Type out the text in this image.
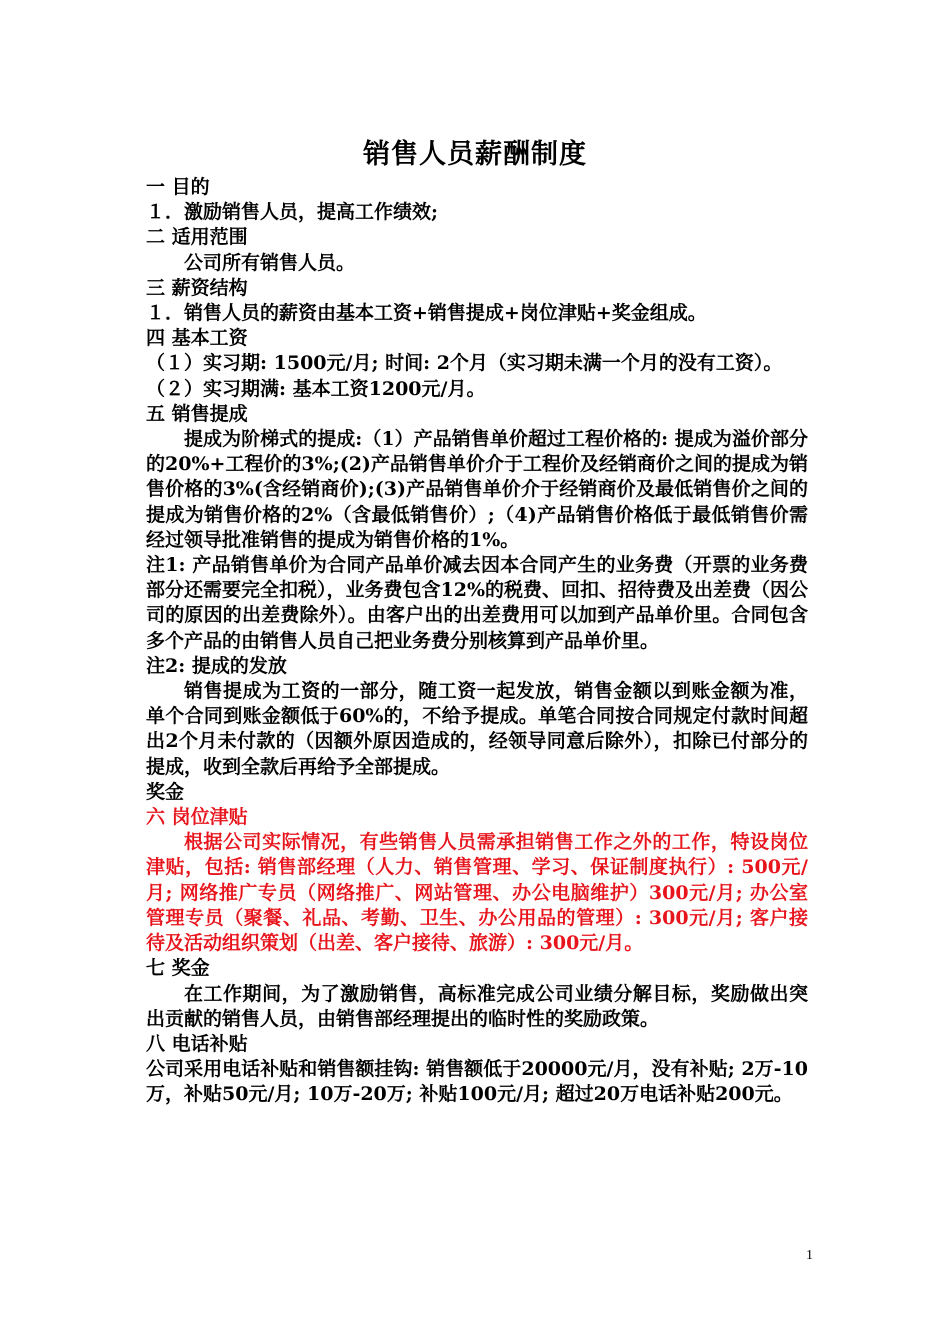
销售人员薪酬制度

一 目的

１．激励销售人员，提高工作绩效;

二 适用范围

公司所有销售人员。

三 薪资结构

１．销售人员的薪资由基本工资+销售提成+岗位津贴+奖金组成。

四 基本工资

（１）实习期: 1500元/月; 时间: 2个月（实习期未满一个月的没有工资）。

（２）实习期满: 基本工资1200元/月。

五 销售提成

提成为阶梯式的提成:（1）产品销售单价超过工程价格的: 提成为溢价部分的20%+工程价的3%;(2)产品销售单价介于工程价及经销商价之间的提成为销售价格的3%(含经销商价);(3)产品销售单价介于经销商价及最低销售价之间的提成为销售价格的2%（含最低销售价）;（4)产品销售价格低于最低销售价需经过领导批准销售的提成为销售价格的1%。

注1: 产品销售单价为合同产品单价减去因本合同产生的业务费（开票的业务费部分还需要完全扣税），业务费包含12%的税费、回扣、招待费及出差费（因公司的原因的出差费除外）。由客户出的出差费用可以加到产品单价里。合同包含多个产品的由销售人员自己把业务费分别核算到产品单价里。

注2: 提成的发放

销售提成为工资的一部分，随工资一起发放，销售金额以到账金额为准，单个合同到账金额低于60%的，不给予提成。单笔合同按合同规定付款时间超出2个月未付款的（因额外原因造成的，经领导同意后除外），扣除已付部分的提成，收到全款后再给予全部提成。

奖金

六 岗位津贴

根据公司实际情况，有些销售人员需承担销售工作之外的工作，特设岗位津贴，包括: 销售部经理（人力、销售管理、学习、保证制度执行）: 500元/月; 网络推广专员（网络推广、网站管理、办公电脑维护）300元/月; 办公室管理专员（聚餐、礼品、考勤、卫生、办公用品的管理）: 300元/月; 客户接待及活动组织策划（出差、客户接待、旅游）: 300元/月。

七 奖金

在工作期间，为了激励销售，高标准完成公司业绩分解目标，奖励做出突出贡献的销售人员，由销售部经理提出的临时性的奖励政策。

八 电话补贴

公司采用电话补贴和销售额挂钩: 销售额低于20000元/月，没有补贴; 2万-10万，补贴50元/月; 10万-20万; 补贴100元/月; 超过20万电话补贴200元。

1
